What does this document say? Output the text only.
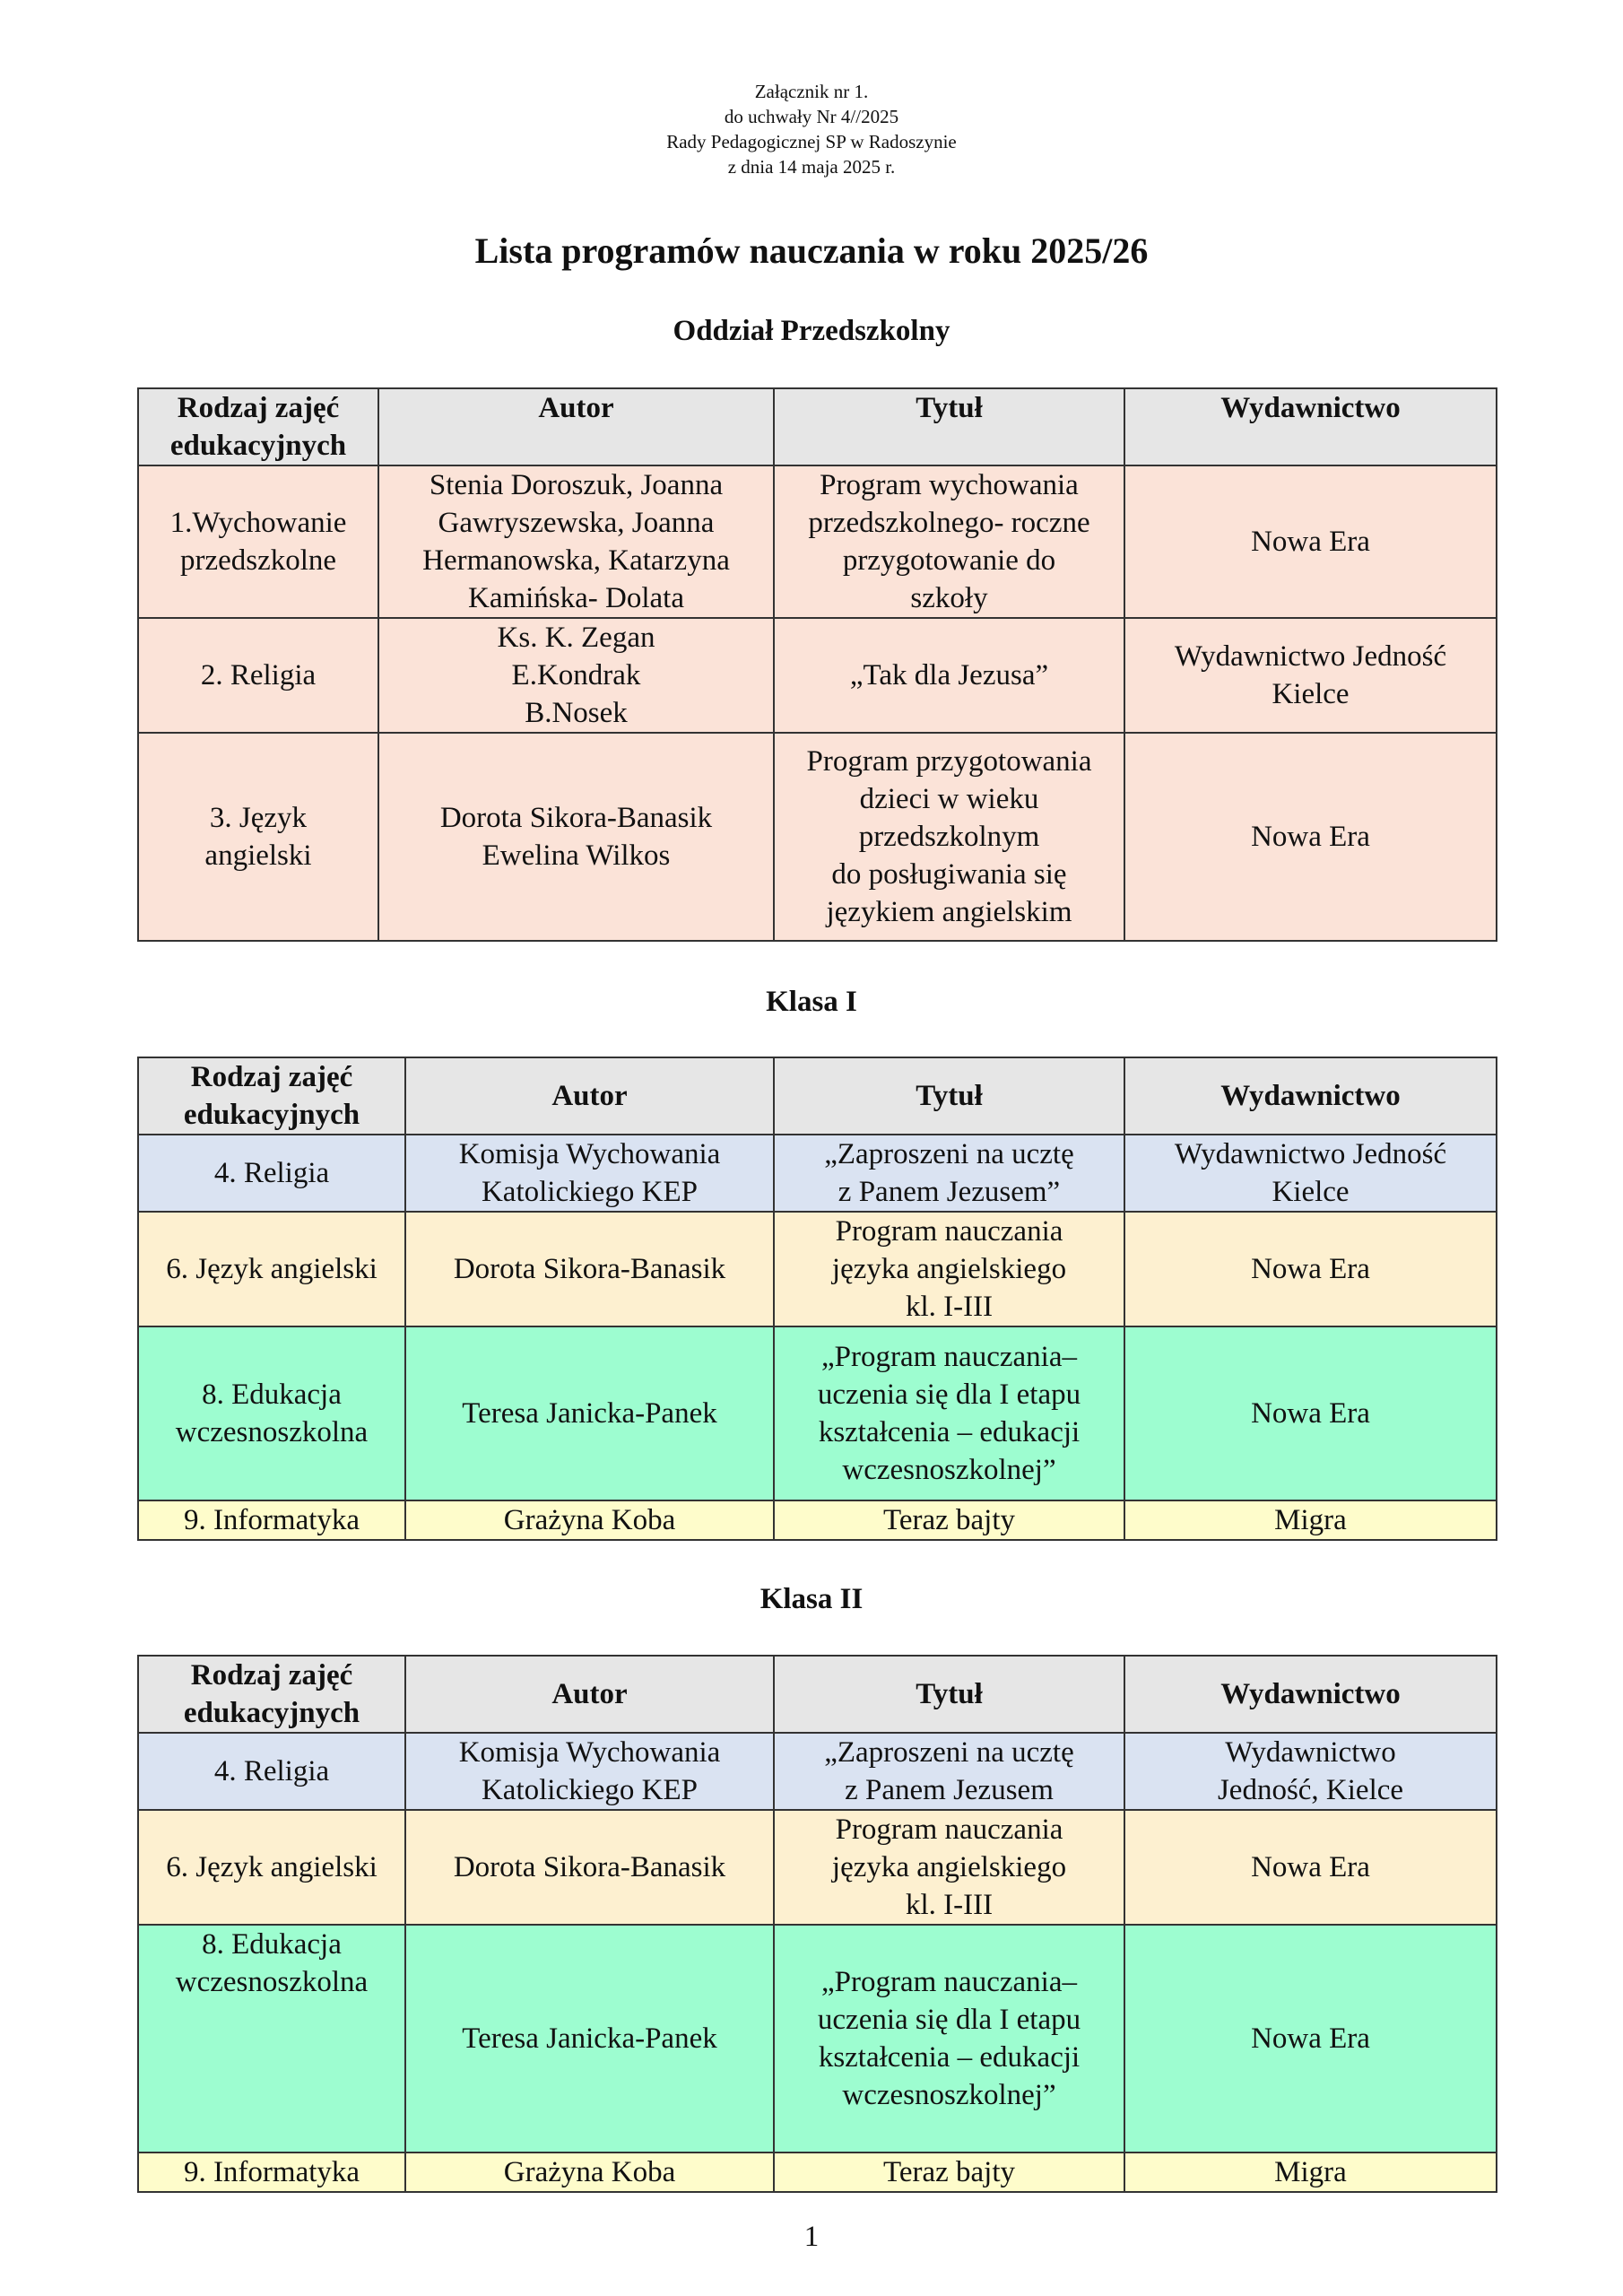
Załącznik nr 1.
do uchwały Nr 4//2025
Rady Pedagogicznej SP w Radoszynie
z dnia 14 maja 2025 r.
Lista programów nauczania w roku 2025/26
Oddział Przedszkolny
Rodzaj zajęć
edukacyjnych	Autor	Tytuł	Wydawnictwo

1.Wychowanie
przedszkolne	Stenia Doroszuk, Joanna
Gawryszewska, Joanna
Hermanowska, Katarzyna
Kamińska- Dolata	Program wychowania
przedszkolnego- roczne
przygotowanie do
szkoły	Nowa Era

2. Religia	Ks. K. Zegan
E.Kondrak
B.Nosek	„Tak dla Jezusa”	Wydawnictwo Jedność
Kielce

3. Język
angielski	Dorota Sikora-Banasik
Ewelina Wilkos	Program przygotowania
dzieci w wieku
przedszkolnym
do posługiwania się
językiem angielskim	Nowa Era
Klasa I
Rodzaj zajęć
edukacyjnych	Autor	Tytuł	Wydawnictwo

4. Religia	Komisja Wychowania
Katolickiego KEP	„Zaproszeni na ucztę
z Panem Jezusem”	Wydawnictwo Jedność
Kielce

6. Język angielski	Dorota Sikora-Banasik	Program nauczania
języka angielskiego
kl. I-III	Nowa Era

8. Edukacja
wczesnoszkolna	Teresa Janicka-Panek	„Program nauczania–
uczenia się dla I etapu
kształcenia – edukacji
wczesnoszkolnej”	Nowa Era

9. Informatyka	Grażyna Koba	Teraz bajty	Migra
Klasa II
Rodzaj zajęć
edukacyjnych	Autor	Tytuł	Wydawnictwo

4. Religia	Komisja Wychowania
Katolickiego KEP	„Zaproszeni na ucztę
z Panem Jezusem	Wydawnictwo
Jedność, Kielce

6. Język angielski	Dorota Sikora-Banasik	Program nauczania
języka angielskiego
kl. I-III	Nowa Era

8. Edukacja
wczesnoszkolna	Teresa Janicka-Panek	„Program nauczania–
uczenia się dla I etapu
kształcenia – edukacji
wczesnoszkolnej”	Nowa Era

9. Informatyka	Grażyna Koba	Teraz bajty	Migra
1
